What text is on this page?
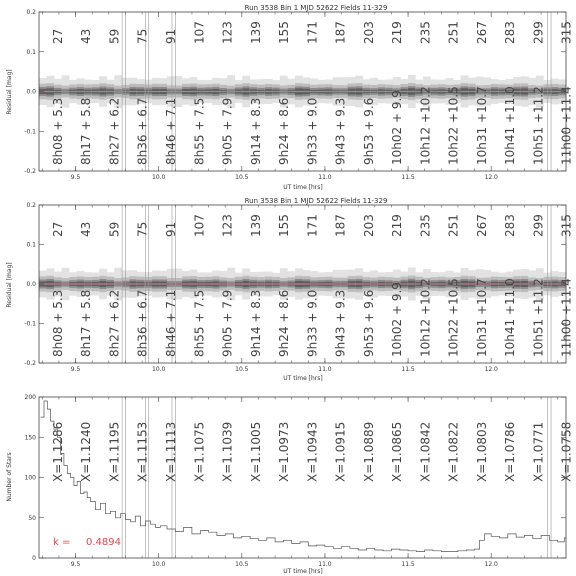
Run 3538 Bin 1 MJD 52622 Fields 11-329
27 43 59 75 91 107 123 139 155 171 187 203 219 235 251 267 283 299 315
8h08 + 5.3
8h17 + 5.8
8h27 + 6.2
8h36 + 6.7
8h46 + 7.1
8h55 + 7.5
9h05 + 7.9
9h14 + 8.3
9h24 + 8.6
9h33 + 9.0
9h43 + 9.3
9h53 + 9.6
10h02 + 9.9
10h12 +10.2
10h22 +10.5
10h31 +10.7
10h41 +11.0
10h51 +11.2
11h00 +11.4
9.5	10.0	10.5	11.0	11.5	12.0
-0.2
-0.1
0.0
0.1
0.2
UT time [hrs]
Residual [mag]
Run 3538 Bin 1 MJD 52622 Fields 11-329
27 43 59 75 91 107 123 139 155 171 187 203 219 235 251 267 283 299 315
8h08 + 5.3
8h17 + 5.8
8h27 + 6.2
8h36 + 6.7
8h46 + 7.1
8h55 + 7.5
9h05 + 7.9
9h14 + 8.3
9h24 + 8.6
9h33 + 9.0
9h43 + 9.3
9h53 + 9.6
10h02 + 9.9
10h12 +10.2
10h22 +10.5
10h31 +10.7
10h41 +11.0
10h51 +11.2
11h00 +11.4
9.5	10.0	10.5	11.0	11.5	12.0
-0.2
-0.1
0.0
0.1
0.2
UT time [hrs]
Residual [mag]
X=1.1286 X=1.1240 X=1.1195 X=1.1153 X=1.1113 X=1.1075 X=1.1039 X=1.1005 X=1.0973 X=1.0943 X=1.0915 X=1.0889 X=1.0865 X=1.0842 X=1.0822 X=1.0803 X=1.0786 X=1.0771 X=1.0758
k = 0.4894
9.5	10.0	10.5	11.0	11.5	12.0
0
50
100
150
200
UT time [hrs]
Number of Stars
